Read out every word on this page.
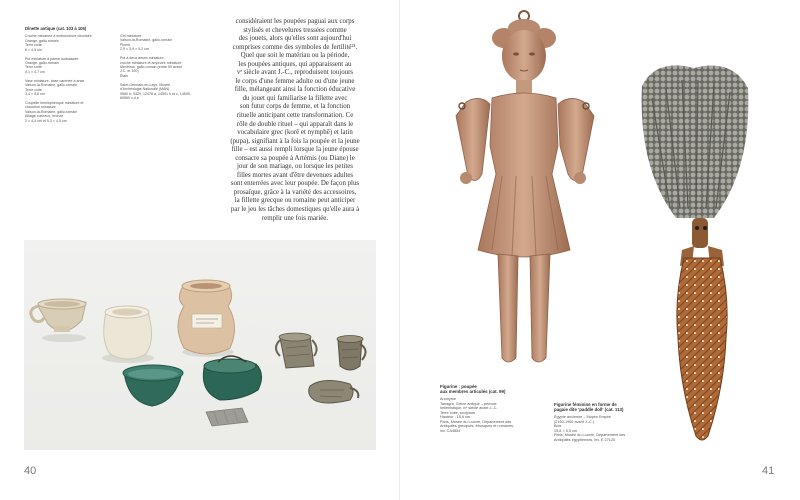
Dînette antique (cat. 103 à 106)
Cruche miniature à embouchure circulaire
Orange, gallo-romain
Terre cuite
6 × 4,5 cm
Pot miniature à panse surbaissée
Orange, gallo-romain
Terre cuite
4,1 × 4,7 cm
Vase miniature, base carénée à anse
Vaison-la-Romaine, gallo-romain
Terre cuite
3,4 × 5,6 cm
Coupelle hémisphérique miniature et
chaudron miniature
Vaison-la-Romaine, gallo-romain
Alliage cuivreux, bronze
2 × 4,4 cm et 5,3 × 4,5 cm
Gril miniature
Vaison-la-Romaine, gallo-romain
Plomb
2,9 × 3,9 × 0,2 cm
Pot à deux anses miniature,
cruche miniature et amphore miniature
Meribirus, gallo-romain (entre 90 avant
J.C. et 100)
Étain
Saint-Germain-en-Laye, Musée
d'Archéologie Nationale (MAN)
9560 b, 9329, 12478 a, 14591 b et c, 14595,
69560 c,d,e
considéraient les poupées paguai aux corps
stylisés et chevelures tressées comme
des jouets, alors qu'elles sont aujourd'hui
comprises comme des symboles de fertilité²¹.
Quel que soit le matériau ou la période,
les poupées antiques, qui apparaissent au
vᵉ siècle avant J.-C., reproduisent toujours
le corps d'une femme adulte ou d'une jeune
fille, mélangeant ainsi la fonction éducative
du jouet qui familiarise la fillette avec
son futur corps de femme, et la fonction
rituelle anticipant cette transformation. Ce
rôle de double rituel – qui apparaît dans le
vocabulaire grec (korê et nymphê) et latin
(pupa), signifiant à la fois la poupée et la jeune
fille – est aussi rempli lorsque la jeune épouse
consacre sa poupée à Artémis (ou Diane) le
jour de son mariage, ou lorsque les petites
filles mortes avant d'être devenues adultes
sont enterrées avec leur poupée. De façon plus
prosaïque, grâce à la variété des accessoires,
la fillette grecque ou romaine peut anticiper
par le jeu les tâches domestiques qu'elle aura à
remplir une fois mariée.
40
Figurine : poupée
aux membres articulés (cat. 99)
Anonyme
Tanagra, Grèce antique – période
hellénistique, ivᵉ siècle avant J.-C.
Terre cuite, sculpture
Hauteur : 15,6 cm
Paris, Musée du Louvre, Département des
Antiquités grecques, étrusques et romaines,
inv. CA4854
Figurine féminine en forme de
pagaie dite 'paddle doll' (cat. 113)
Égypte ancienne – Moyen Empire
(2160-1950 avant J.-C.)
Bois
19,8 × 5,5 cm
Paris, Musée du Louvre, Département des
Antiquités égyptiennes, inv. E 27125
41
